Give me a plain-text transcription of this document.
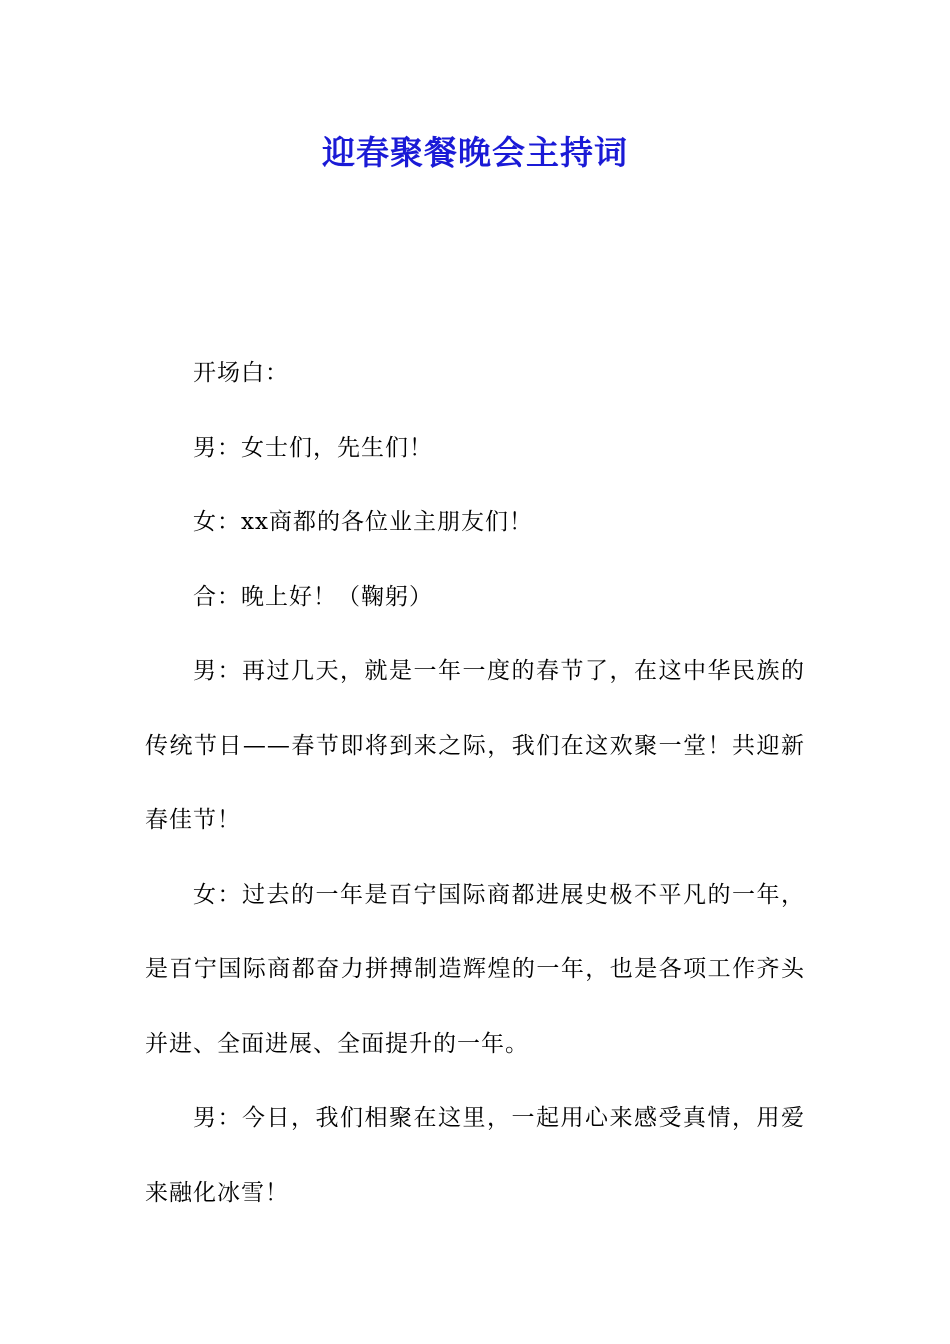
迎春聚餐晚会主持词

开场白：

男：女士们，先生们！

女：xx商都的各位业主朋友们！

合：晚上好！（鞠躬）

男：再过几天，就是一年一度的春节了，在这中华民族的传统节日——春节即将到来之际，我们在这欢聚一堂！共迎新春佳节！

女：过去的一年是百宁国际商都进展史极不平凡的一年，是百宁国际商都奋力拼搏制造辉煌的一年，也是各项工作齐头并进、全面进展、全面提升的一年。

男：今日，我们相聚在这里，一起用心来感受真情，用爱来融化冰雪！
